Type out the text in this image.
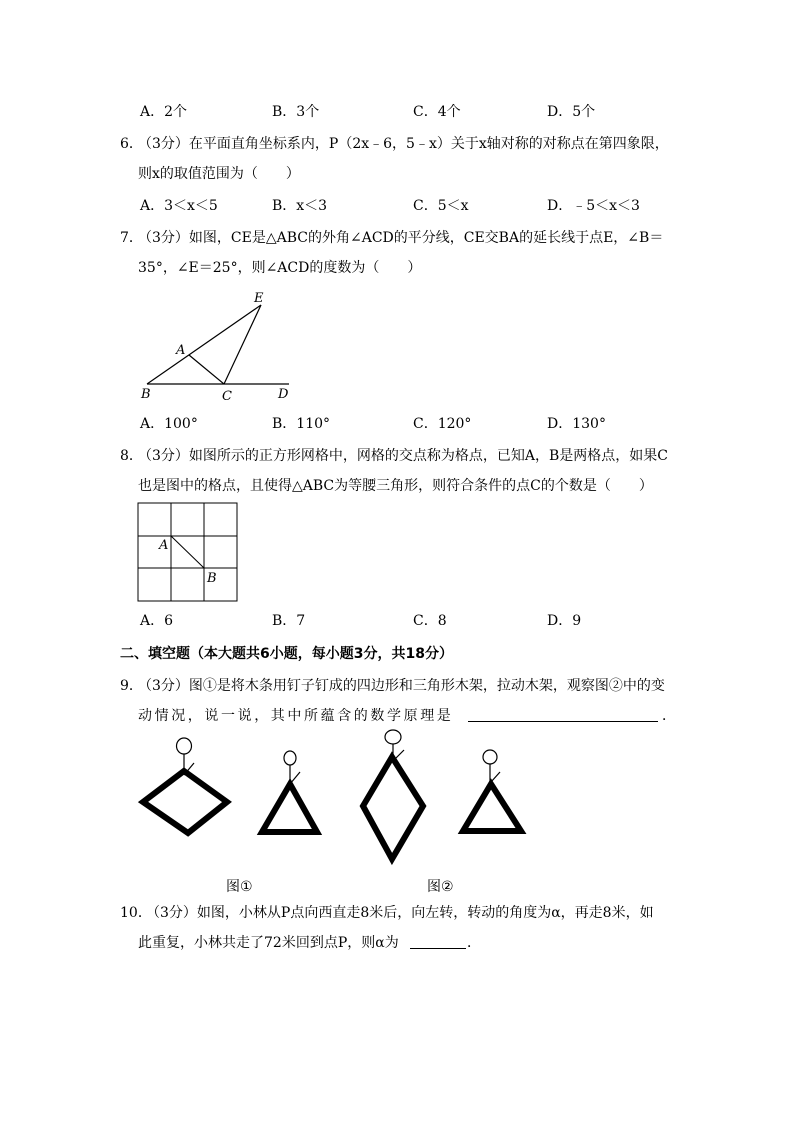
A．2个	B．3个	C．4个	D．5个
6．
（3分）在平面直角坐标系内，P（2x﹣6，5﹣x）关于x轴对称的对称点在第四象限，
则x的取值范围为（　　）
A．3＜x＜5	B．x＜3	C．5＜x	D．﹣5＜x＜3
7．
（3分）如图，CE是△ABC的外角∠ACD的平分线，CE交BA的延长线于点E，∠B＝
35°，∠E＝25°，则∠ACD的度数为（　　）
A
B	C	D
E
A．100°	B．110°	C．120°	D．130°
8．
（3分）如图所示的正方形网格中，网格的交点称为格点，已知A，B是两格点，如果C
也是图中的格点，且使得△ABC为等腰三角形，则符合条件的点C的个数是（　　）
A
B
A．6	B．7	C．8	D．9
二、填空题（本大题共6小题，每小题3分，共18分）
9．
（3分）图①是将木条用钉子钉成的四边形和三角形木架，拉动木架，观察图②中的变
动情况，说一说，其中所蕴含的数学原理是	．
图①	图②
10．
（3分）如图，小林从P点向西直走8米后，向左转，转动的角度为α，再走8米，如
此重复，小林共走了72米回到点P，则α为	．
